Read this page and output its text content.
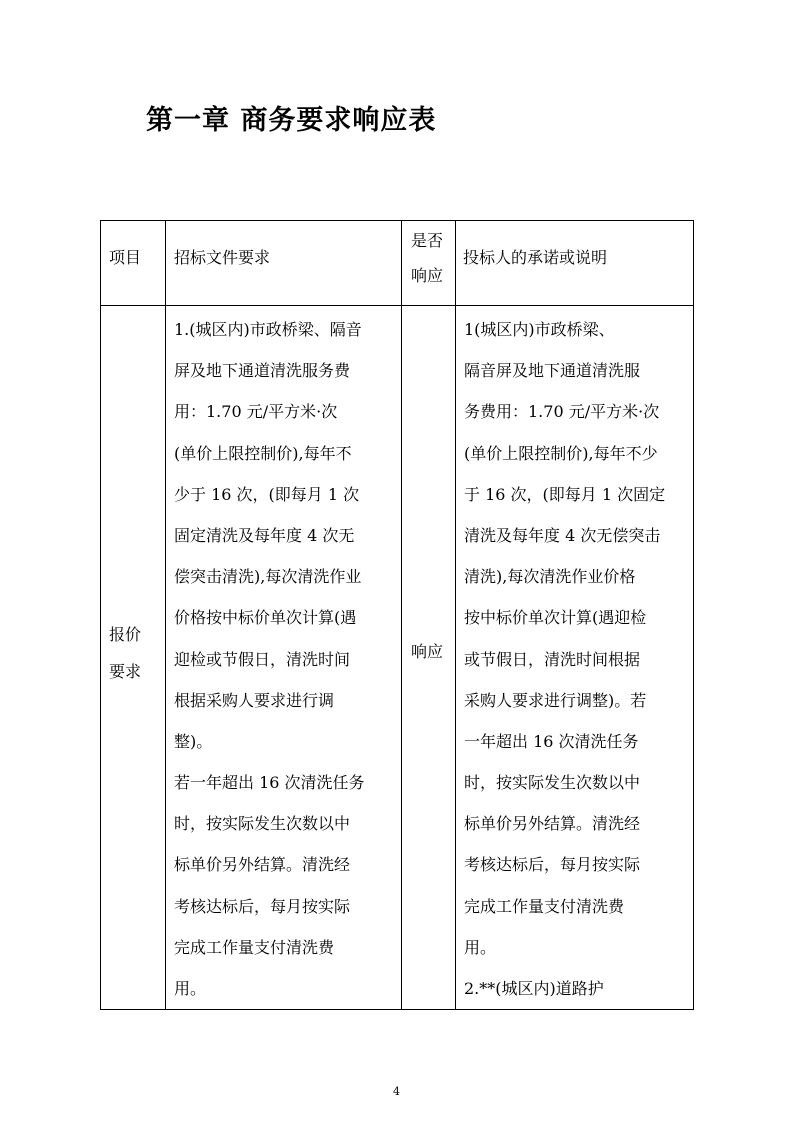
第一章 商务要求响应表
项目 招标文件要求
是否
响应
投标人的承诺或说明
报价
要求
1.(城区内)市政桥梁、隔音
屏及地下通道清洗服务费
用：1.70 元/平方米·次
(单价上限控制价),每年不
少于 16 次，(即每月 1 次
固定清洗及每年度 4 次无
偿突击清洗),每次清洗作业
价格按中标价单次计算(遇
迎检或节假日，清洗时间
根据采购人要求进行调
整)。
若一年超出 16 次清洗任务
时，按实际发生次数以中
标单价另外结算。清洗经
考核达标后，每月按实际
完成工作量支付清洗费
用。
响应
1(城区内)市政桥梁、
隔音屏及地下通道清洗服
务费用：1.70 元/平方米·次
(单价上限控制价),每年不少
于 16 次，(即每月 1 次固定
清洗及每年度 4 次无偿突击
清洗),每次清洗作业价格
按中标价单次计算(遇迎检
或节假日，清洗时间根据
采购人要求进行调整)。若
一年超出 16 次清洗任务
时，按实际发生次数以中
标单价另外结算。清洗经
考核达标后，每月按实际
完成工作量支付清洗费
用。
2.**(城区内)道路护
4
